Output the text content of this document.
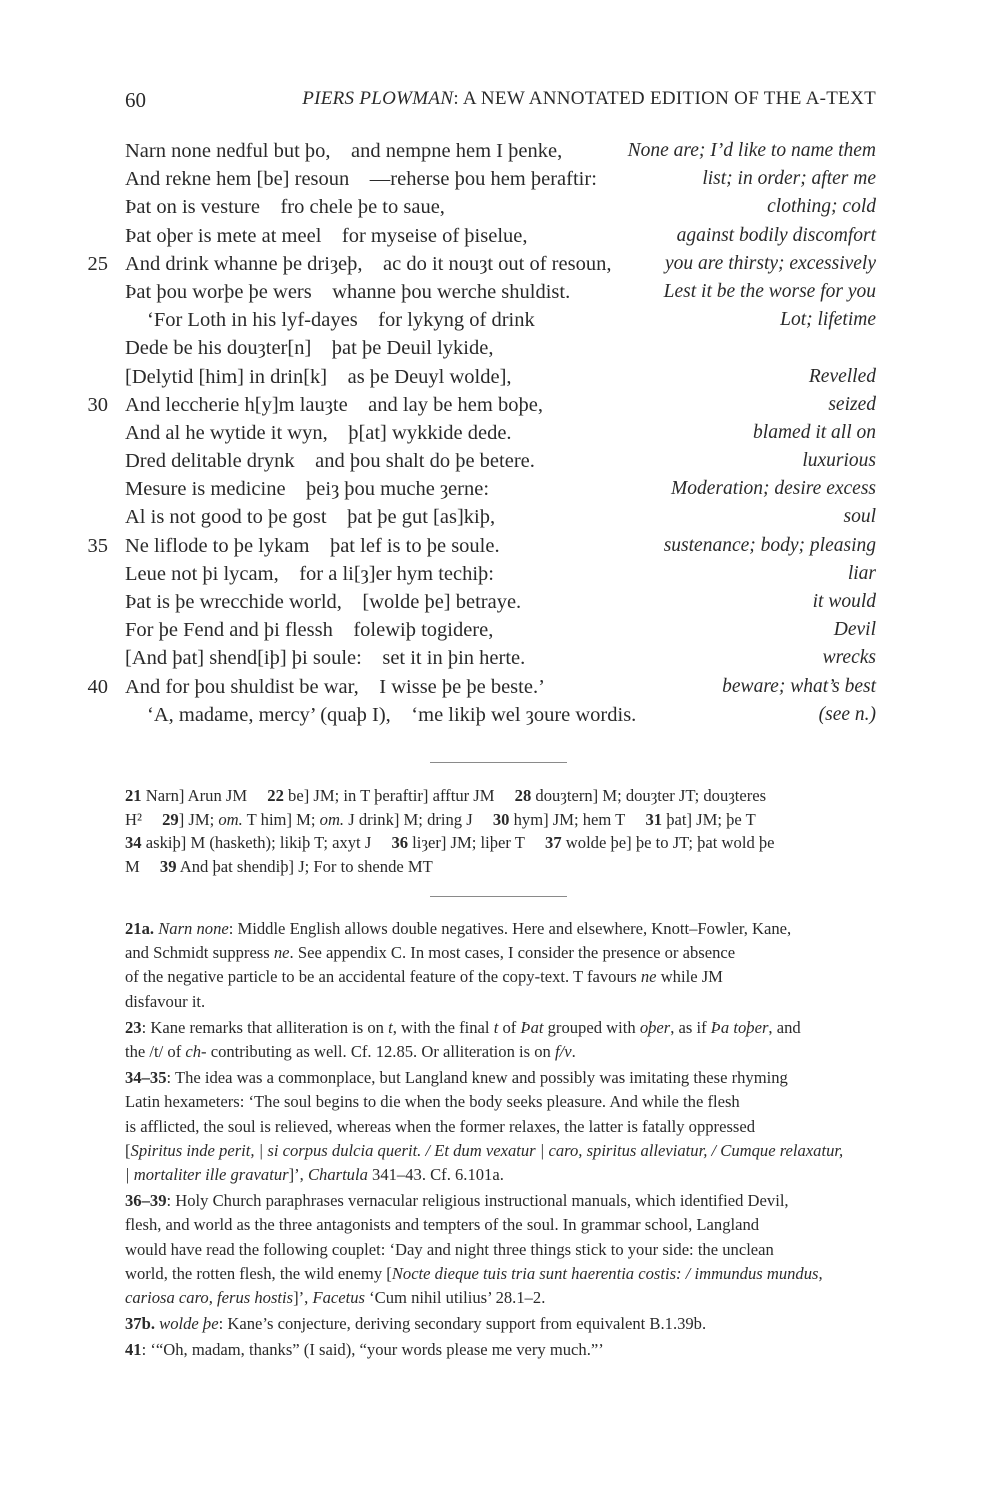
60	PIERS PLOWMAN: A NEW ANNOTATED EDITION OF THE A-TEXT
Narn none nedful but þo,    and nempne hem I þenke,	None are; I’d like to name them
And rekne hem [be] resoun    —reherse þou hem þeraftir:	list; in order; after me
Þat on is vesture    fro chele þe to saue,	clothing; cold
Þat oþer is mete at meel    for myseise of þiselue,	against bodily discomfort
25 And drink whanne þe driȝeþ,    ac do it nouȝt out of resoun,	you are thirsty; excessively
Þat þou worþe þe wers    whanne þou werche shuldist.	Lest it be the worse for you
‘For Loth in his lyf-dayes    for lykyng of drink	Lot; lifetime
Dede be his douȝter[n]    þat þe Deuil lykide,
[Delytid [him] in drin[k]    as þe Deuyl wolde],	Revelled
30 And leccherie h[y]m lauȝte    and lay be hem boþe,	seized
And al he wytide it wyn,    þ[at] wykkide dede.	blamed it all on
Dred delitable drynk    and þou shalt do þe betere.	luxurious
Mesure is medicine    þeiȝ þou muche ȝerne:	Moderation; desire excess
Al is not good to þe gost    þat þe gut [as]kiþ,	soul
35 Ne liflode to þe lykam    þat lef is to þe soule.	sustenance; body; pleasing
Leue not þi lycam,    for a li[ȝ]er hym techiþ:	liar
Þat is þe wrecchide world,    [wolde þe] betraye.	it would
For þe Fend and þi flessh    folewiþ togidere,	Devil
[And þat] shend[iþ] þi soule:    set it in þin herte.	wrecks
40 And for þou shuldist be war,    I wisse þe þe beste.’	beware; what’s best
‘A, madame, mercy’ (quaþ I),    ‘me likiþ wel ȝoure wordis.	(see n.)
21 Narn] Arun JM 22 be] JM; in T þeraftir] afftur JM 28 douȝtern] M; douȝter JT; douȝteres
H² 29] JM; om. T him] M; om. J drink] M; dring J 30 hym] JM; hem T 31 þat] JM; þe T
34 askiþ] M (hasketh); likiþ T; axyt J 36 liȝer] JM; liþer T 37 wolde þe] þe to JT; þat wold þe
M 39 And þat shendiþ] J; For to shende MT
21a. Narn none: Middle English allows double negatives. Here and elsewhere, Knott–Fowler, Kane,
and Schmidt suppress ne. See appendix C. In most cases, I consider the presence or absence
of the negative particle to be an accidental feature of the copy-text. T favours ne while JM
disfavour it.
23: Kane remarks that alliteration is on t, with the final t of Þat grouped with oþer, as if Þa toþer, and
the /t/ of ch- contributing as well. Cf. 12.85. Or alliteration is on f/v.
34–35: The idea was a commonplace, but Langland knew and possibly was imitating these rhyming
Latin hexameters: ‘The soul begins to die when the body seeks pleasure. And while the flesh
is afflicted, the soul is relieved, whereas when the former relaxes, the latter is fatally oppressed
[Spiritus inde perit, | si corpus dulcia querit. / Et dum vexatur | caro, spiritus alleviatur, / Cumque relaxatur,
| mortaliter ille gravatur]’, Chartula 341–43. Cf. 6.101a.
36–39: Holy Church paraphrases vernacular religious instructional manuals, which identified Devil,
flesh, and world as the three antagonists and tempters of the soul. In grammar school, Langland
would have read the following couplet: ‘Day and night three things stick to your side: the unclean
world, the rotten flesh, the wild enemy [Nocte dieque tuis tria sunt haerentia costis: / immundus mundus,
cariosa caro, ferus hostis]’, Facetus ‘Cum nihil utilius’ 28.1–2.
37b. wolde þe: Kane’s conjecture, deriving secondary support from equivalent B.1.39b.
41: ‘“Oh, madam, thanks” (I said), “your words please me very much.”’
